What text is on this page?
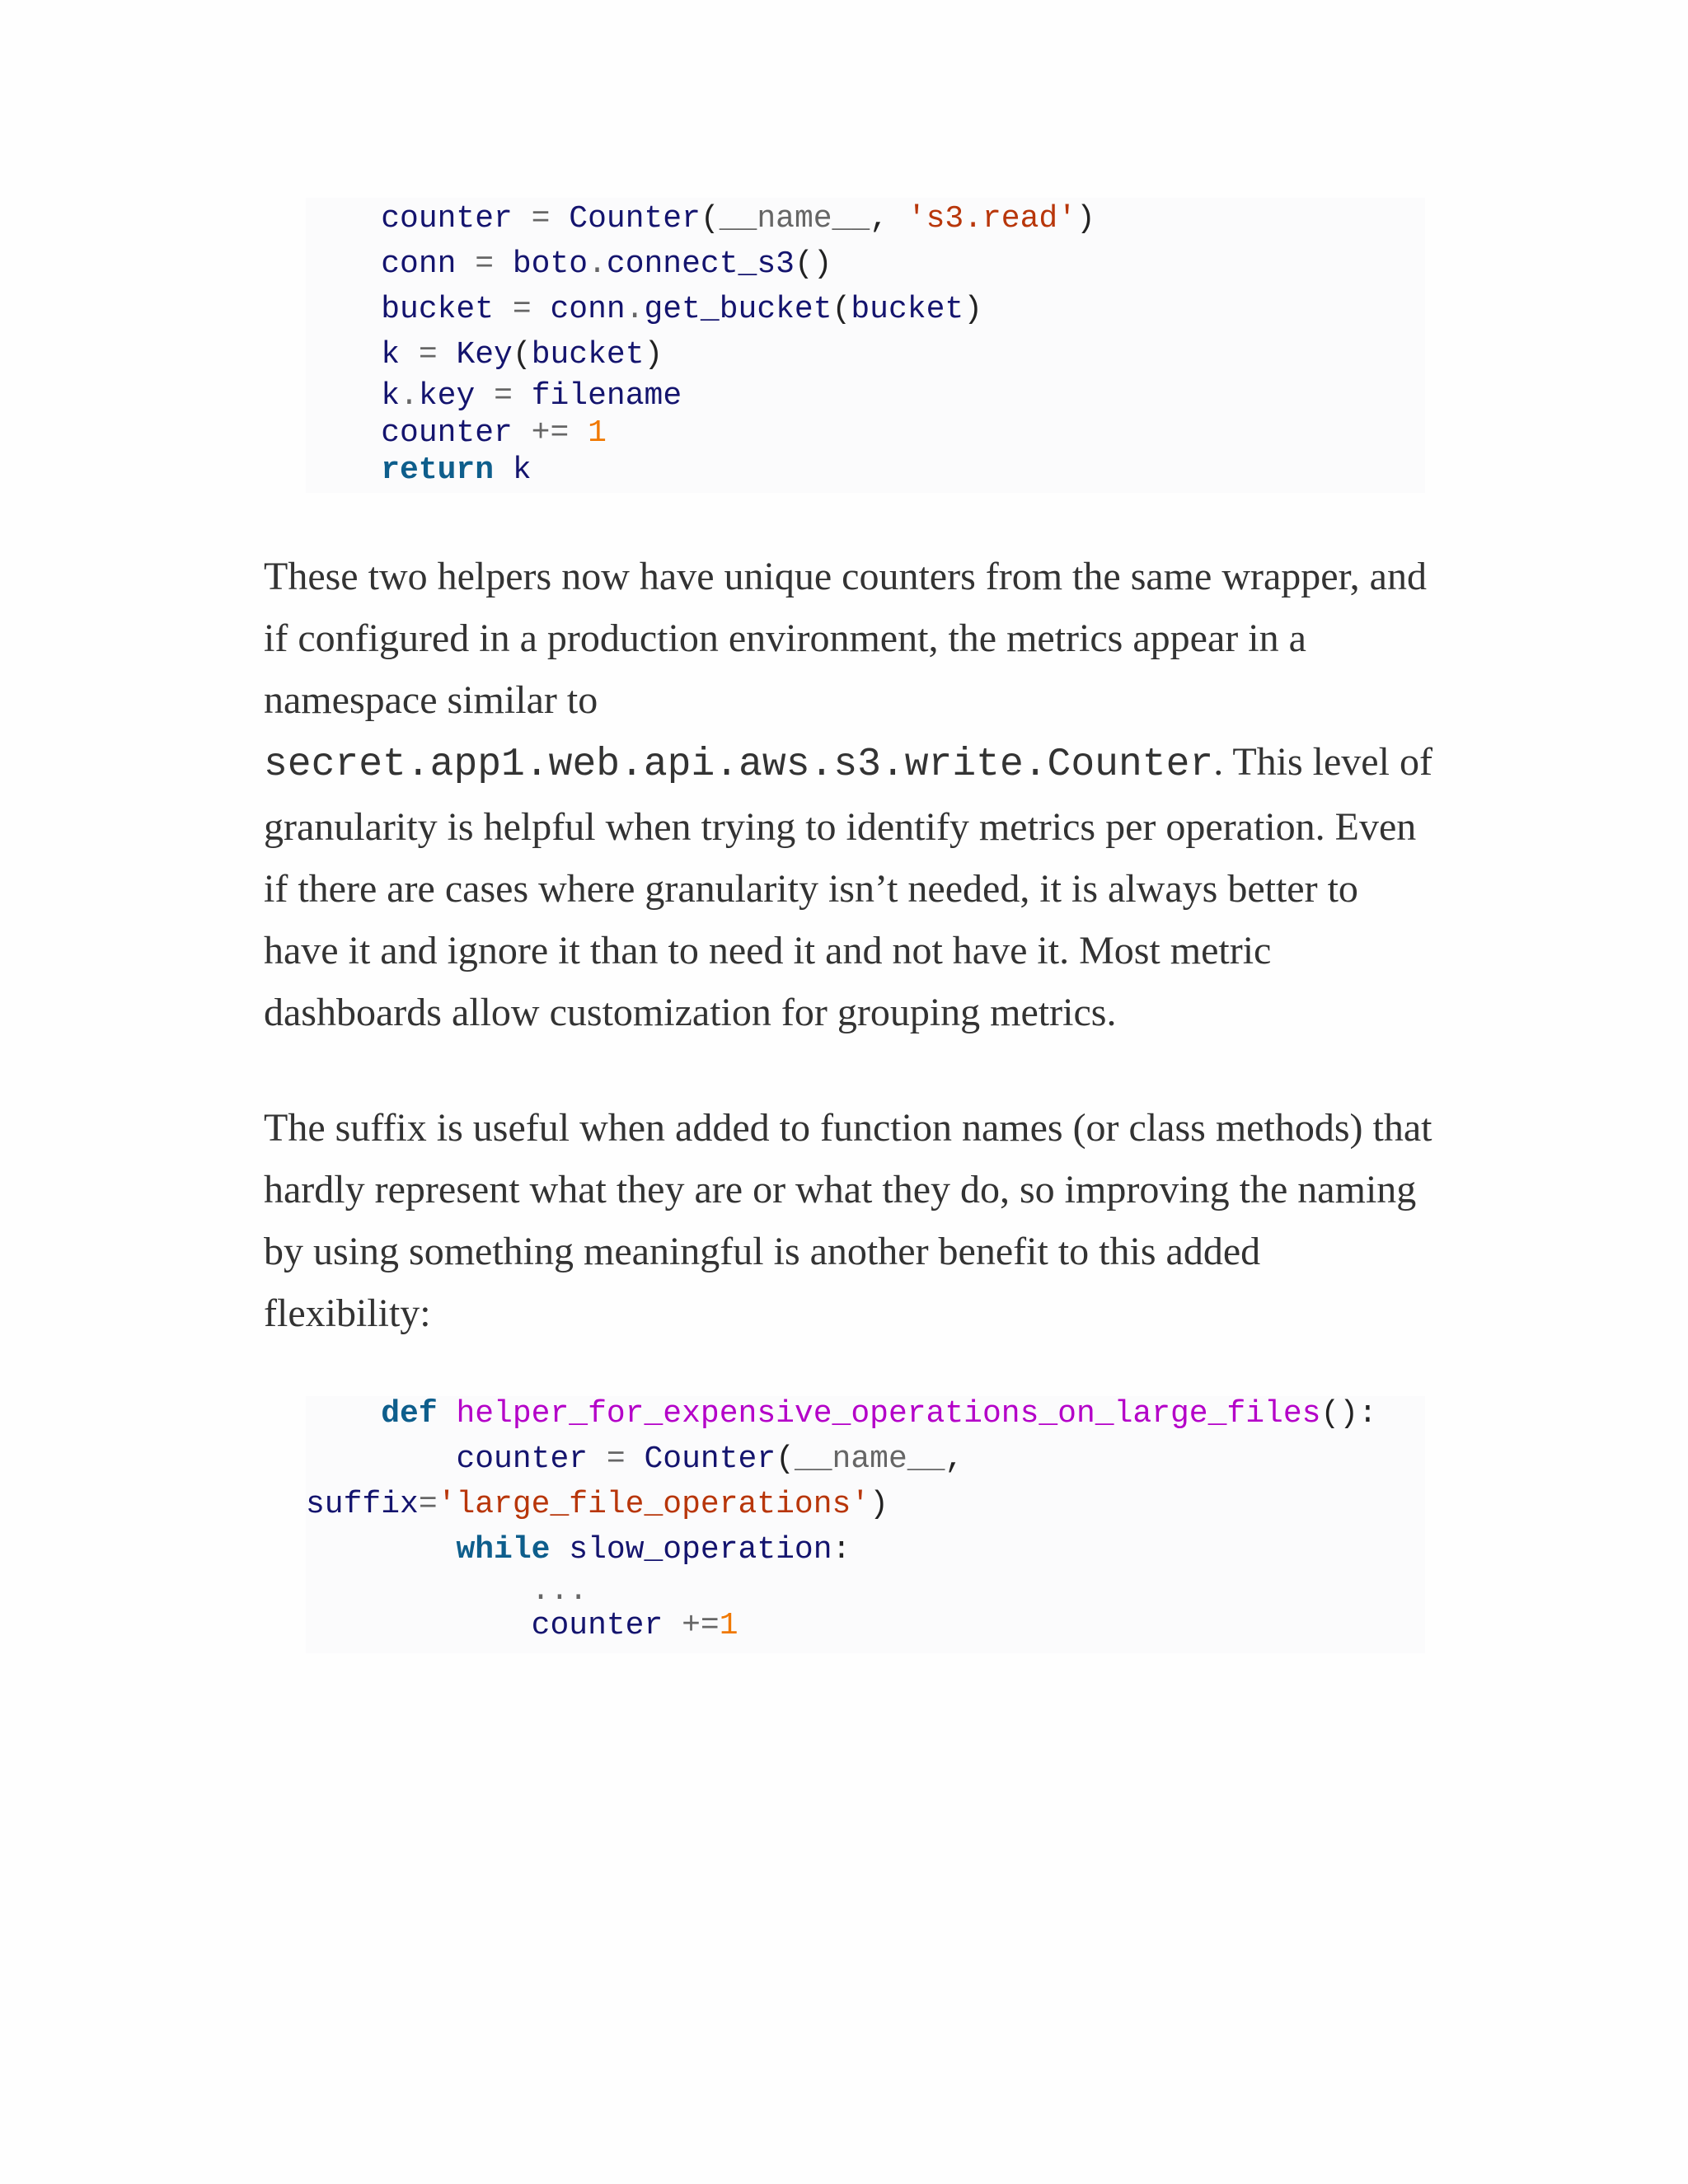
counter = Counter(__name__, 's3.read')
conn = boto.connect_s3()
bucket = conn.get_bucket(bucket)
k = Key(bucket)
k.key = filename
counter += 1
return k

These two helpers now have unique counters from the same wrapper, and if configured in a production environment, the metrics appear in a namespace similar to
secret.app1.web.api.aws.s3.write.Counter. This level of granularity is helpful when trying to identify metrics per operation. Even if there are cases where granularity isn’t needed, it is always better to have it and ignore it than to need it and not have it. Most metric dashboards allow customization for grouping metrics.

The suffix is useful when added to function names (or class methods) that hardly represent what they are or what they do, so improving the naming by using something meaningful is another benefit to this added flexibility:

def helper_for_expensive_operations_on_large_files():
counter = Counter(__name__,
suffix='large_file_operations')
while slow_operation:
...
counter +=1
